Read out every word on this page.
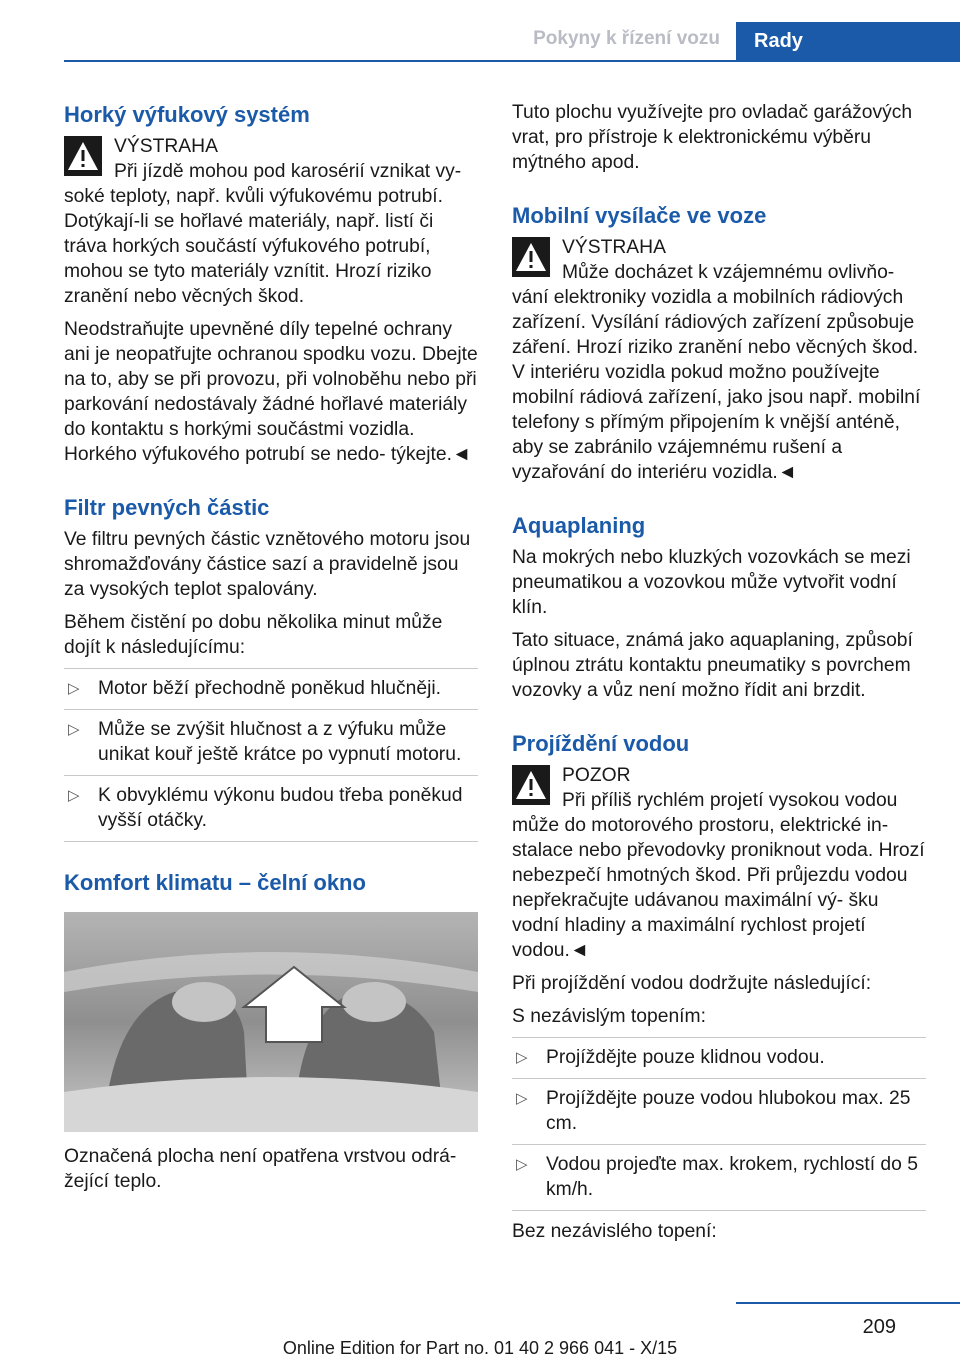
Pokyny k řízení vozu	Rady
Horký výfukový systém
VÝSTRAHA
Při jízdě mohou pod karosérií vznikat vy‐
soké teploty, např. kvůli výfukovému potrubí. Dotýkají-li se hořlavé materiály, např. listí či tráva horkých součástí výfukového potrubí, mohou se tyto materiály vznítit. Hrozí riziko zranění nebo věcných škod.

Neodstraňujte upevněné díly tepelné ochrany ani je neopatřujte ochranou spodku vozu. Dbejte na to, aby se při provozu, při volnoběhu nebo při parkování nedostávaly žádné hořlavé materiály do kontaktu s horkými součástmi vozidla. Horkého výfukového potrubí se nedo‐ týkejte.◄

Filtr pevných částic

Ve filtru pevných částic vznětového motoru jsou shromažďovány částice sazí a pravidelně jsou za vysokých teplot spalovány.

Během čistění po dobu několika minut může dojít k následujícímu:

▷ Motor běží přechodně poněkud hlučněji.
▷ Může se zvýšit hlučnost a z výfuku může unikat kouř ještě krátce po vypnutí motoru.
▷ K obvyklému výkonu budou třeba poněkud vyšší otáčky.
Komfort klimatu – čelní okno

Označená plocha není opatřena vrstvou odrá‐ žející teplo.

Tuto plochu využívejte pro ovladač garážových vrat, pro přístroje k elektronickému výběru mýtného apod.

Mobilní vysílače ve voze
VÝSTRAHA
Může docházet k vzájemnému ovlivňo‐
vání elektroniky vozidla a mobilních rádiových zařízení. Vysílání rádiových zařízení způsobuje záření. Hrozí riziko zranění nebo věcných škod. V interiéru vozidla pokud možno používejte mobilní rádiová zařízení, jako jsou např. mobilní telefony s přímým připojením k vnější anténě, aby se zabránilo vzájemnému rušení a vyzařování do interiéru vozidla.◄
Aquaplaning

Na mokrých nebo kluzkých vozovkách se mezi pneumatikou a vozovkou může vytvořit vodní klín.

Tato situace, známá jako aquaplaning, způsobí úplnou ztrátu kontaktu pneumatiky s povrchem vozovky a vůz není možno řídit ani brzdit.

Projíždění vodou
POZOR
Při příliš rychlém projetí vysokou vodou
může do motorového prostoru, elektrické in‐ stalace nebo převodovky proniknout voda. Hrozí nebezpečí hmotných škod. Při průjezdu vodou nepřekračujte udávanou maximální vý‐ šku vodní hladiny a maximální rychlost projetí vodou.◄

Při projíždění vodou dodržujte následující:

S nezávislým topením:

▷ Projíždějte pouze klidnou vodou.
▷ Projíždějte pouze vodou hlubokou max. 25 cm.
▷ Vodou projeďte max. krokem, rychlostí do 5 km/h.

Bez nezávislého topení:

209
Online Edition for Part no. 01 40 2 966 041 - X/15
